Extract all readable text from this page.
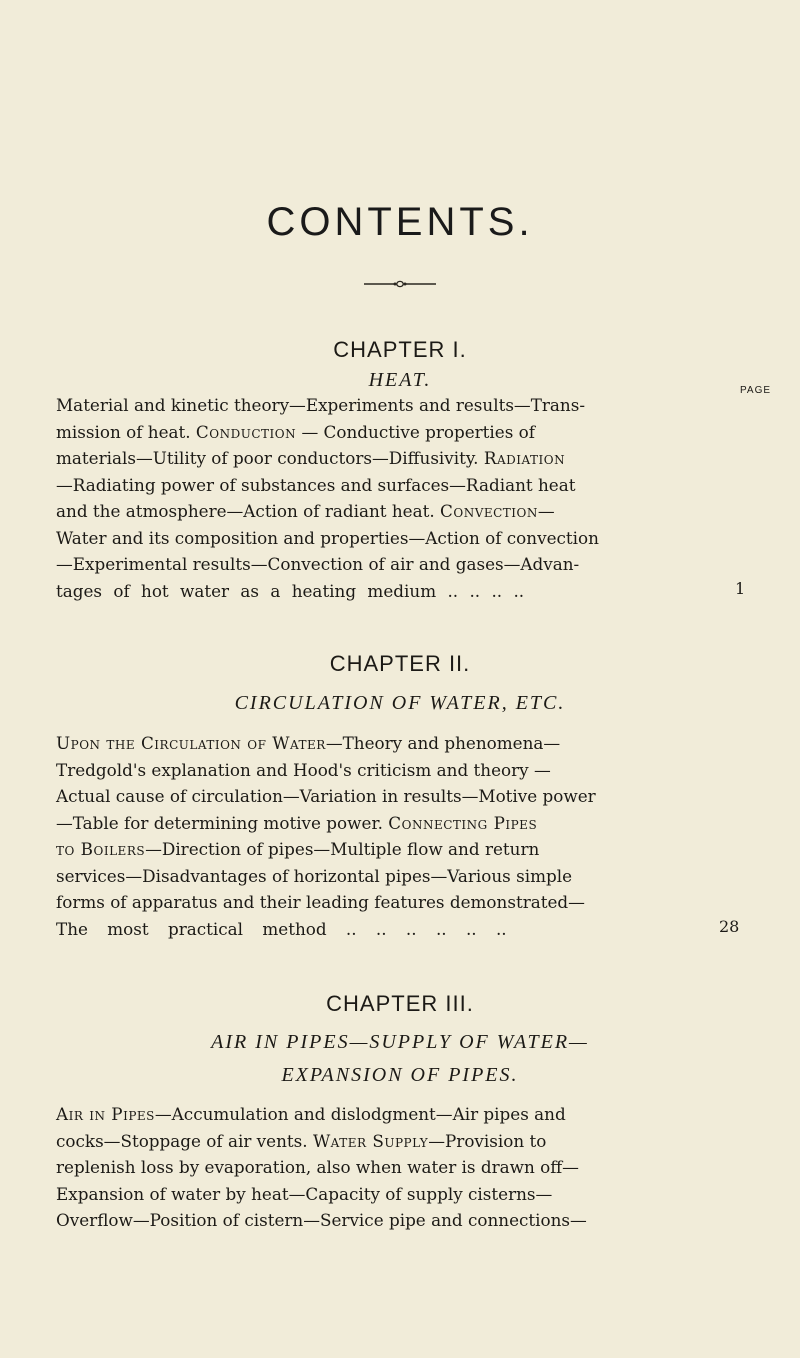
CONTENTS.
CHAPTER I.
HEAT.	PAGE
Material and kinetic theory—Experiments and results—Trans-
mission of heat. Conduction — Conductive properties of
materials—Utility of poor conductors—Diffusivity. Radiation
—Radiating power of substances and surfaces—Radiant heat
and the atmosphere—Action of radiant heat. Convection—
Water and its composition and properties—Action of convection
—Experimental results—Convection of air and gases—Advan-
tages of hot water as a heating medium .. .. .. ..	1
CHAPTER II.
CIRCULATION OF WATER, ETC.
Upon the Circulation of Water—Theory and phenomena—
Tredgold's explanation and Hood's criticism and theory —
Actual cause of circulation—Variation in results—Motive power
—Table for determining motive power. Connecting Pipes
to Boilers—Direction of pipes—Multiple flow and return
services—Disadvantages of horizontal pipes—Various simple
forms of apparatus and their leading features demonstrated—
The most practical method .. .. .. .. .. ..	28
CHAPTER III.
AIR IN PIPES—SUPPLY OF WATER—
EXPANSION OF PIPES.
Air in Pipes—Accumulation and dislodgment—Air pipes and
cocks—Stoppage of air vents. Water Supply—Provision to
replenish loss by evaporation, also when water is drawn off—
Expansion of water by heat—Capacity of supply cisterns—
Overflow—Position of cistern—Service pipe and connections—
